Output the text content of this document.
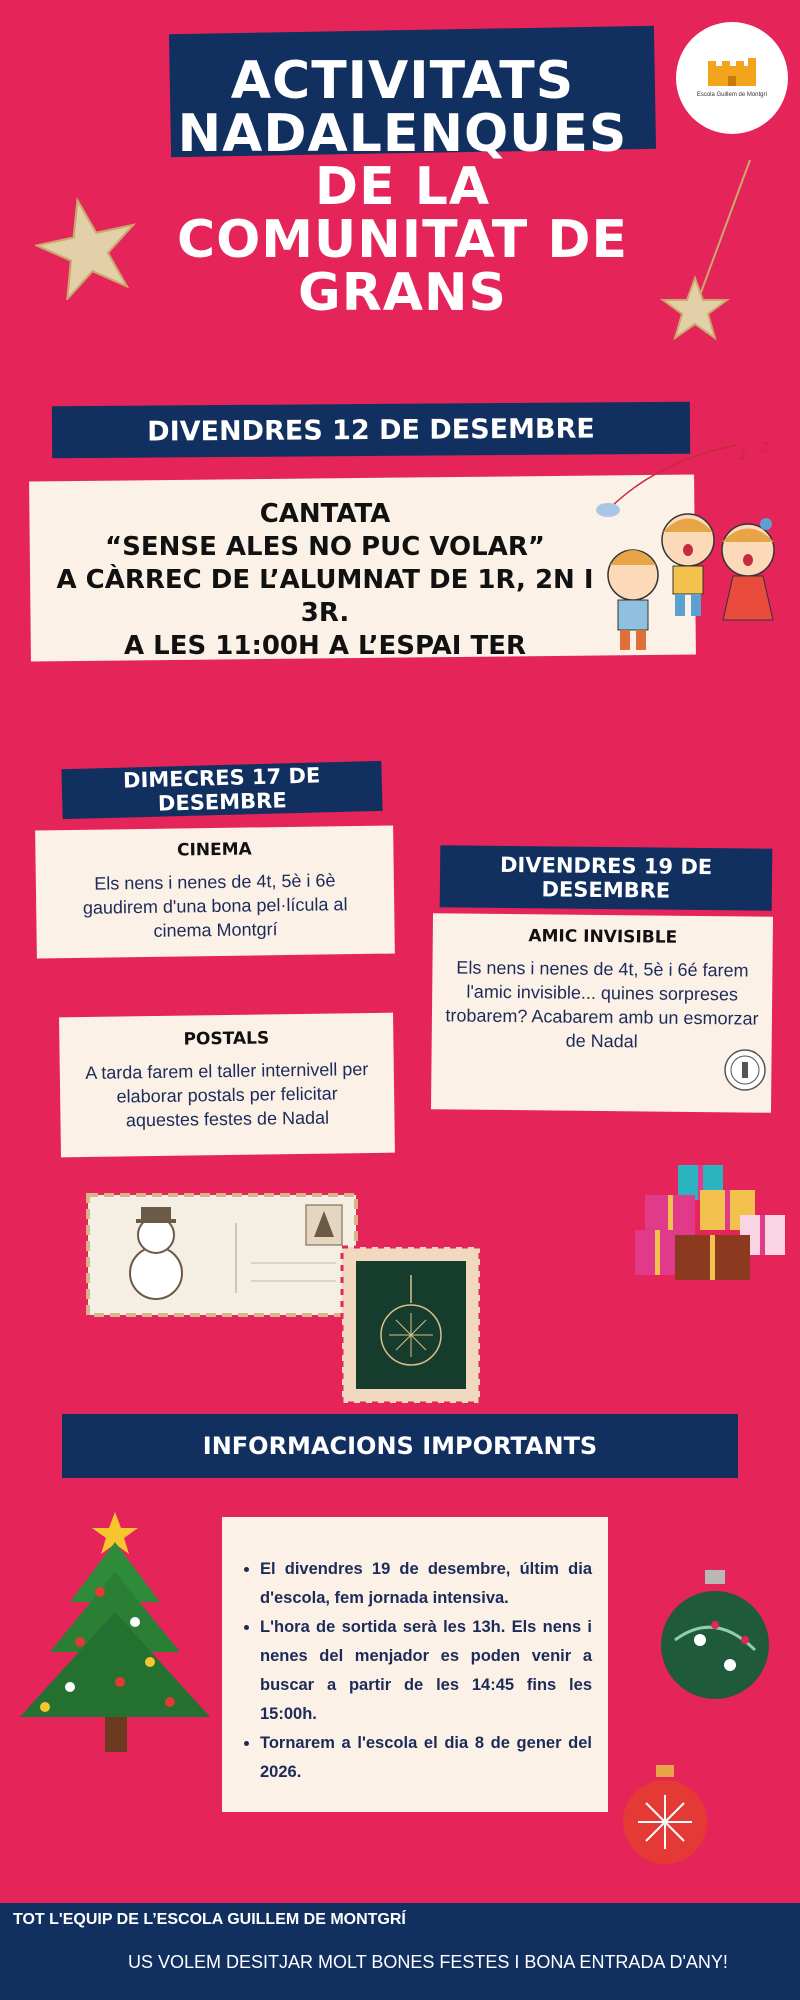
ACTIVITATS NADALENQUES DE LA COMUNITAT DE GRANS
Escola Guillem de Montgrí
DIVENDRES 12 DE DESEMBRE
CANTATA
“SENSE ALES NO PUC VOLAR”
A CÀRREC DE L’ALUMNAT DE 1R, 2N I 3R.
A LES 11:00H A L’ESPAI TER
♪ ♫
DIMECRES 17 DE DESEMBRE
CINEMA

Els nens i nenes de 4t, 5è i 6è gaudirem d'una bona pel·lícula al cinema Montgrí

POSTALS

A tarda farem el taller internivell per elaborar postals per felicitar aquestes festes de Nadal

DIVENDRES 19 DE DESEMBRE
AMIC INVISIBLE

Els nens i nenes de 4t, 5è i 6é farem l'amic invisible... quines sorpreses trobarem? Acabarem amb un esmorzar de Nadal

INFORMACIONS IMPORTANTS
• El divendres 19 de desembre, últim dia d'escola, fem jornada intensiva.
• L'hora de sortida serà les 13h. Els nens i nenes del menjador es poden venir a buscar a partir de les 14:45 fins les 15:00h.
• Tornarem a l'escola el dia 8 de gener del 2026.
TOT L'EQUIP DE L’ESCOLA GUILLEM DE MONTGRÍ
US VOLEM DESITJAR MOLT BONES FESTES I BONA ENTRADA D'ANY!
